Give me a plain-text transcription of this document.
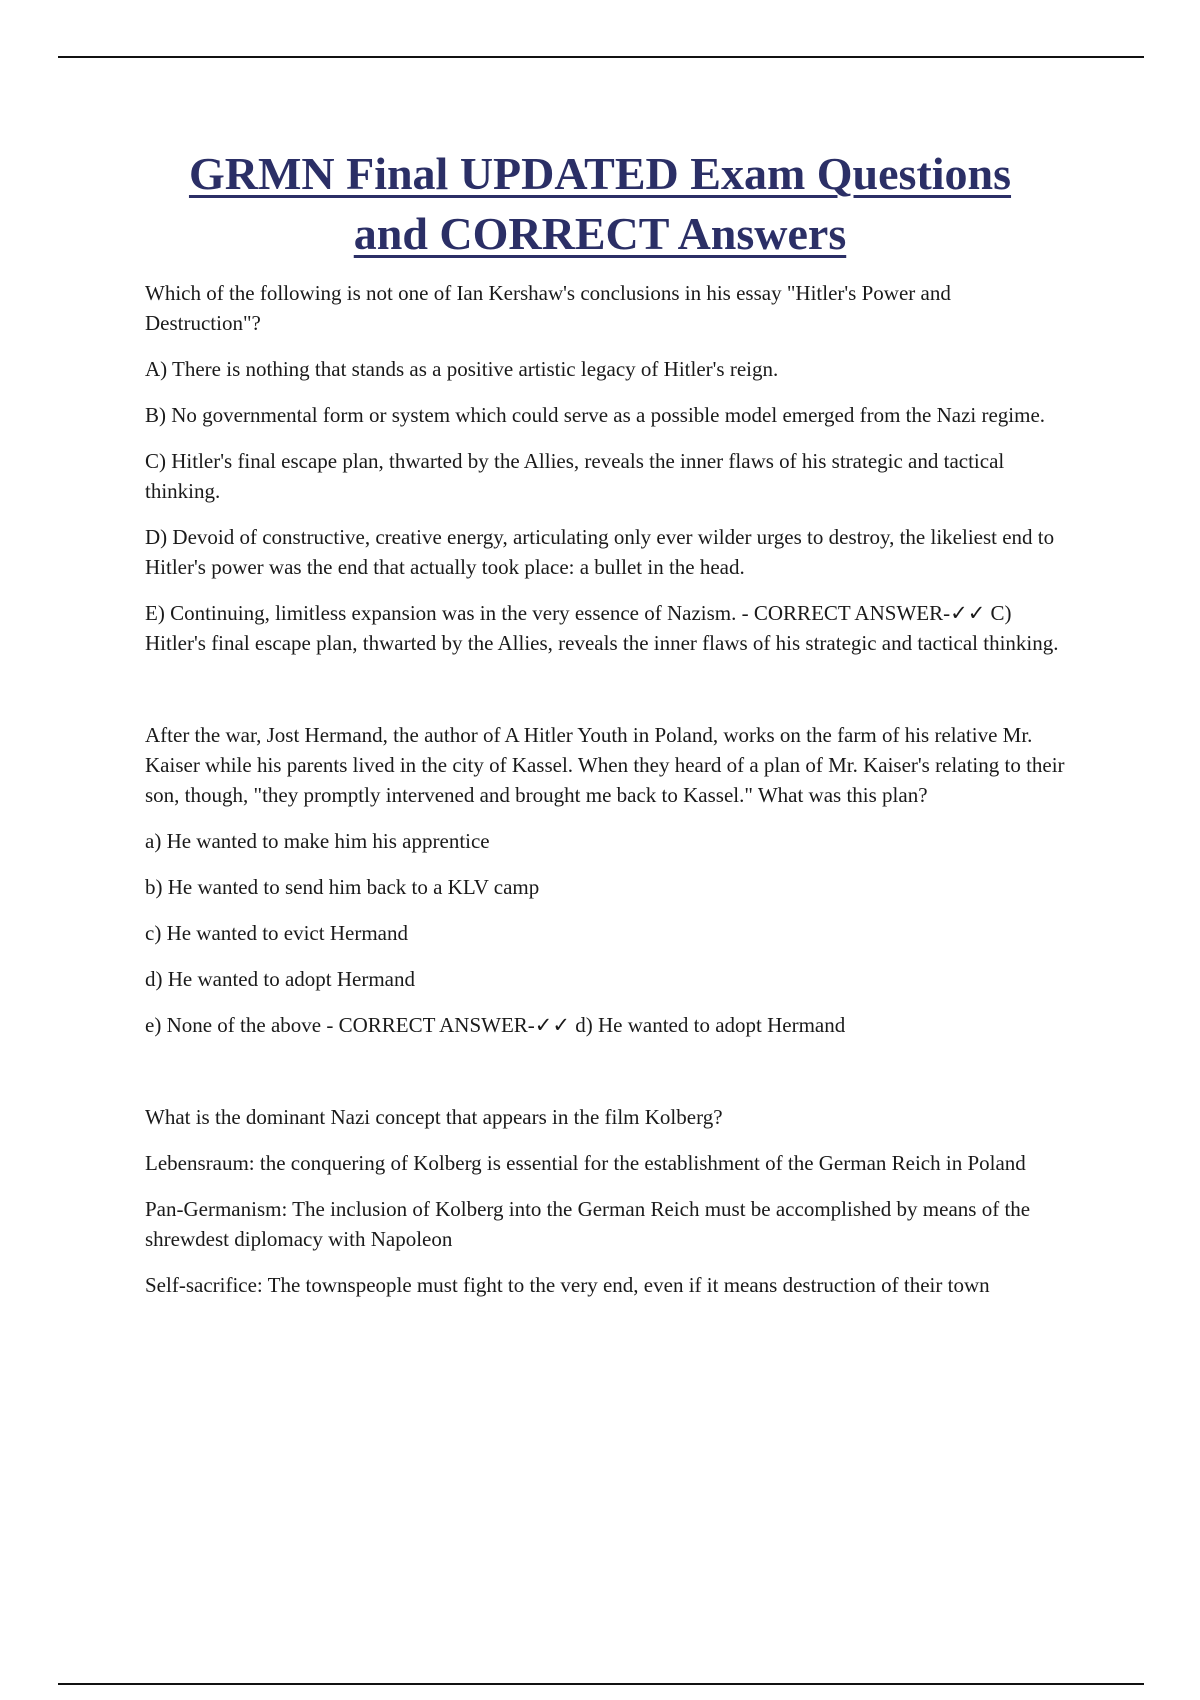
GRMN Final UPDATED Exam Questions
and CORRECT Answers

Which of the following is not one of Ian Kershaw's conclusions in his essay "Hitler's Power and Destruction"?

A) There is nothing that stands as a positive artistic legacy of Hitler's reign.

B) No governmental form or system which could serve as a possible model emerged from the Nazi regime.

C) Hitler's final escape plan, thwarted by the Allies, reveals the inner flaws of his strategic and tactical thinking.

D) Devoid of constructive, creative energy, articulating only ever wilder urges to destroy, the likeliest end to Hitler's power was the end that actually took place: a bullet in the head.

E) Continuing, limitless expansion was in the very essence of Nazism. - CORRECT ANSWER-✓✓ C) Hitler's final escape plan, thwarted by the Allies, reveals the inner flaws of his strategic and tactical thinking.

After the war, Jost Hermand, the author of A Hitler Youth in Poland, works on the farm of his relative Mr. Kaiser while his parents lived in the city of Kassel. When they heard of a plan of Mr. Kaiser's relating to their son, though, "they promptly intervened and brought me back to Kassel." What was this plan?

a) He wanted to make him his apprentice

b) He wanted to send him back to a KLV camp

c) He wanted to evict Hermand

d) He wanted to adopt Hermand

e) None of the above - CORRECT ANSWER-✓✓ d) He wanted to adopt Hermand

What is the dominant Nazi concept that appears in the film Kolberg?

Lebensraum: the conquering of Kolberg is essential for the establishment of the German Reich in Poland

Pan-Germanism: The inclusion of Kolberg into the German Reich must be accomplished by means of the shrewdest diplomacy with Napoleon

Self-sacrifice: The townspeople must fight to the very end, even if it means destruction of their town
